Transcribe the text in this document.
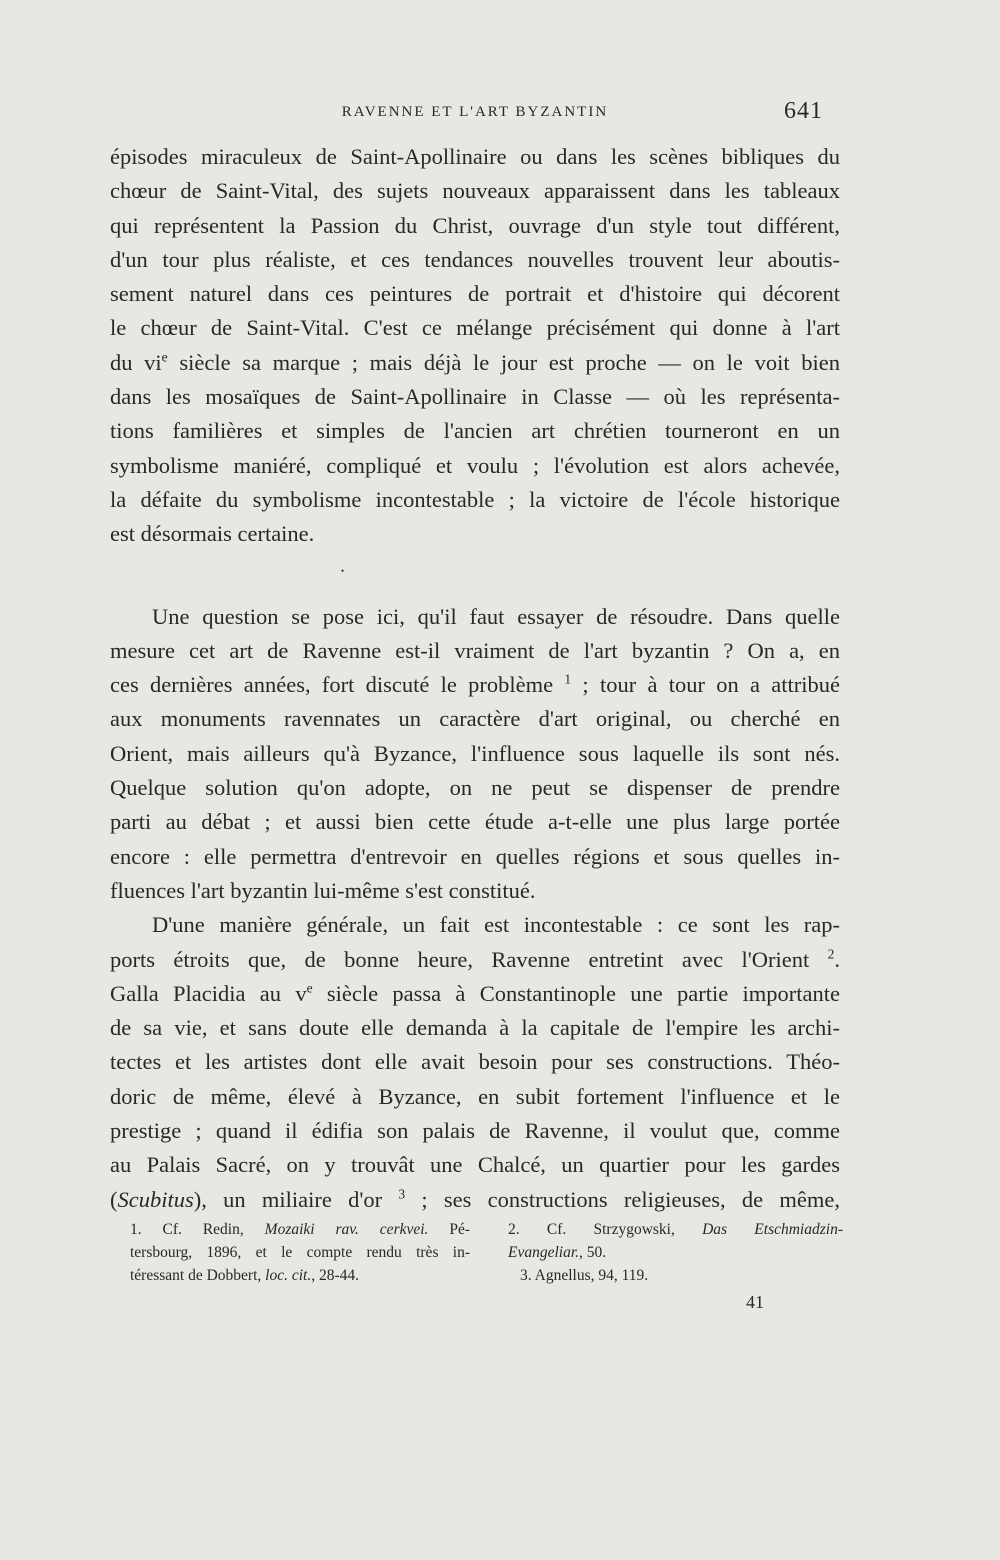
RAVENNE ET L'ART BYZANTIN	641
épisodes miraculeux de Saint-Apollinaire ou dans les scènes bibliques du
chœur de Saint-Vital, des sujets nouveaux apparaissent dans les tableaux
qui représentent la Passion du Christ, ouvrage d'un style tout différent,
d'un tour plus réaliste, et ces tendances nouvelles trouvent leur aboutis-
sement naturel dans ces peintures de portrait et d'histoire qui décorent
le chœur de Saint-Vital. C'est ce mélange précisément qui donne à l'art
du $vi^e$ siècle sa marque ; mais déjà le jour est proche — on le voit bien
dans les mosaïques de Saint-Apollinaire in Classe — où les représenta-
tions familières et simples de l'ancien art chrétien tourneront en un
symbolisme maniéré, compliqué et voulu ; l'évolution est alors achevée,
la défaite du symbolisme incontestable ; la victoire de l'école historique
est désormais certaine.
Une question se pose ici, qu'il faut essayer de résoudre. Dans quelle
mesure cet art de Ravenne est-il vraiment de l'art byzantin ? On a, en
ces dernières années, fort discuté le problème $^1$ ; tour à tour on a attribué
aux monuments ravennates un caractère d'art original, ou cherché en
Orient, mais ailleurs qu'à Byzance, l'influence sous laquelle ils sont nés.
Quelque solution qu'on adopte, on ne peut se dispenser de prendre
parti au débat ; et aussi bien cette étude a-t-elle une plus large portée
encore : elle permettra d'entrevoir en quelles régions et sous quelles in-
fluences l'art byzantin lui-même s'est constitué.
D'une manière générale, un fait est incontestable : ce sont les rap-
ports étroits que, de bonne heure, Ravenne entretint avec l'Orient $^2$.
Galla Placidia au $v^e$ siècle passa à Constantinople une partie importante
de sa vie, et sans doute elle demanda à la capitale de l'empire les archi-
tectes et les artistes dont elle avait besoin pour ses constructions. Théo-
doric de même, élevé à Byzance, en subit fortement l'influence et le
prestige ; quand il édifia son palais de Ravenne, il voulut que, comme
au Palais Sacré, on y trouvât une Chalcé, un quartier pour les gardes
(Scubitus), un miliaire d'or $^3$ ; ses constructions religieuses, de même,
•
1. Cf. Redin, Mozaiki rav. cerkvei. Pé-
tersbourg, 1896, et le compte rendu très in-
téressant de Dobbert, loc. cit., 28-44.
2. Cf. Strzygowski, Das Etschmiadzin-
Evangeliar., 50.
3. Agnellus, 94, 119.
41
